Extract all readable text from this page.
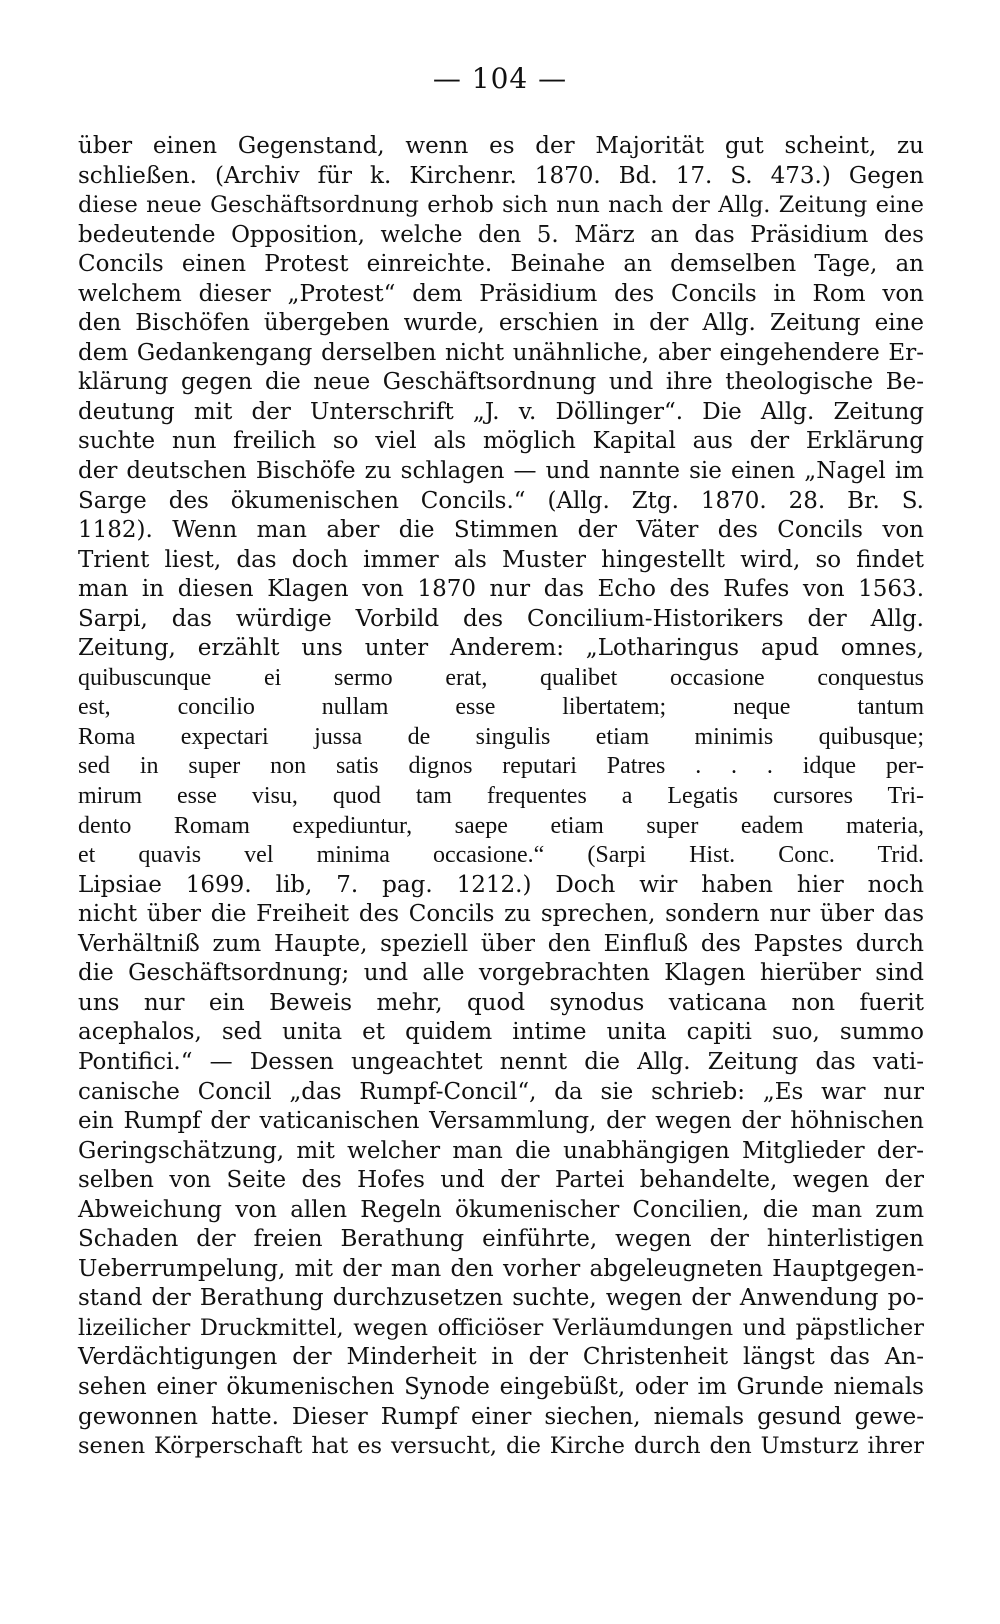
— 104 —
über einen Gegenstand, wenn es der Majorität gut scheint, zu
schließen. (Archiv für k. Kirchenr. 1870. Bd. 17. S. 473.) Gegen
diese neue Geschäftsordnung erhob sich nun nach der Allg. Zeitung eine
bedeutende Opposition, welche den 5. März an das Präsidium des
Concils einen Protest einreichte. Beinahe an demselben Tage, an
welchem dieser „Protest“ dem Präsidium des Concils in Rom von
den Bischöfen übergeben wurde, erschien in der Allg. Zeitung eine
dem Gedankengang derselben nicht unähnliche, aber eingehendere Er-
klärung gegen die neue Geschäftsordnung und ihre theologische Be-
deutung mit der Unterschrift „J. v. Döllinger“. Die Allg. Zeitung
suchte nun freilich so viel als möglich Kapital aus der Erklärung
der deutschen Bischöfe zu schlagen — und nannte sie einen „Nagel im
Sarge des ökumenischen Concils.“ (Allg. Ztg. 1870. 28. Br. S.
1182). Wenn man aber die Stimmen der Väter des Concils von
Trient liest, das doch immer als Muster hingestellt wird, so findet
man in diesen Klagen von 1870 nur das Echo des Rufes von 1563.
Sarpi, das würdige Vorbild des Concilium-Historikers der Allg.
Zeitung, erzählt uns unter Anderem: „Lotharingus apud omnes,
quibuscunque ei sermo erat, qualibet occasione conquestus
est, concilio nullam esse libertatem; neque tantum
Roma expectari jussa de singulis etiam minimis quibusque;
sed in super non satis dignos reputari Patres . . . idque per-
mirum esse visu, quod tam frequentes a Legatis cursores Tri-
dento Romam expediuntur, saepe etiam super eadem materia,
et quavis vel minima occasione.“ (Sarpi Hist. Conc. Trid.
Lipsiae 1699. lib, 7. pag. 1212.) Doch wir haben hier noch
nicht über die Freiheit des Concils zu sprechen, sondern nur über das
Verhältniß zum Haupte, speziell über den Einfluß des Papstes durch
die Geschäftsordnung; und alle vorgebrachten Klagen hierüber sind
uns nur ein Beweis mehr, quod synodus vaticana non fuerit
acephalos, sed unita et quidem intime unita capiti suo, summo
Pontifici.“ — Dessen ungeachtet nennt die Allg. Zeitung das vati-
canische Concil „das Rumpf-Concil“, da sie schrieb: „Es war nur
ein Rumpf der vaticanischen Versammlung, der wegen der höhnischen
Geringschätzung, mit welcher man die unabhängigen Mitglieder der-
selben von Seite des Hofes und der Partei behandelte, wegen der
Abweichung von allen Regeln ökumenischer Concilien, die man zum
Schaden der freien Berathung einführte, wegen der hinterlistigen
Ueberrumpelung, mit der man den vorher abgeleugneten Hauptgegen-
stand der Berathung durchzusetzen suchte, wegen der Anwendung po-
lizeilicher Druckmittel, wegen officiöser Verläumdungen und päpstlicher
Verdächtigungen der Minderheit in der Christenheit längst das An-
sehen einer ökumenischen Synode eingebüßt, oder im Grunde niemals
gewonnen hatte. Dieser Rumpf einer siechen, niemals gesund gewe-
senen Körperschaft hat es versucht, die Kirche durch den Umsturz ihrer
